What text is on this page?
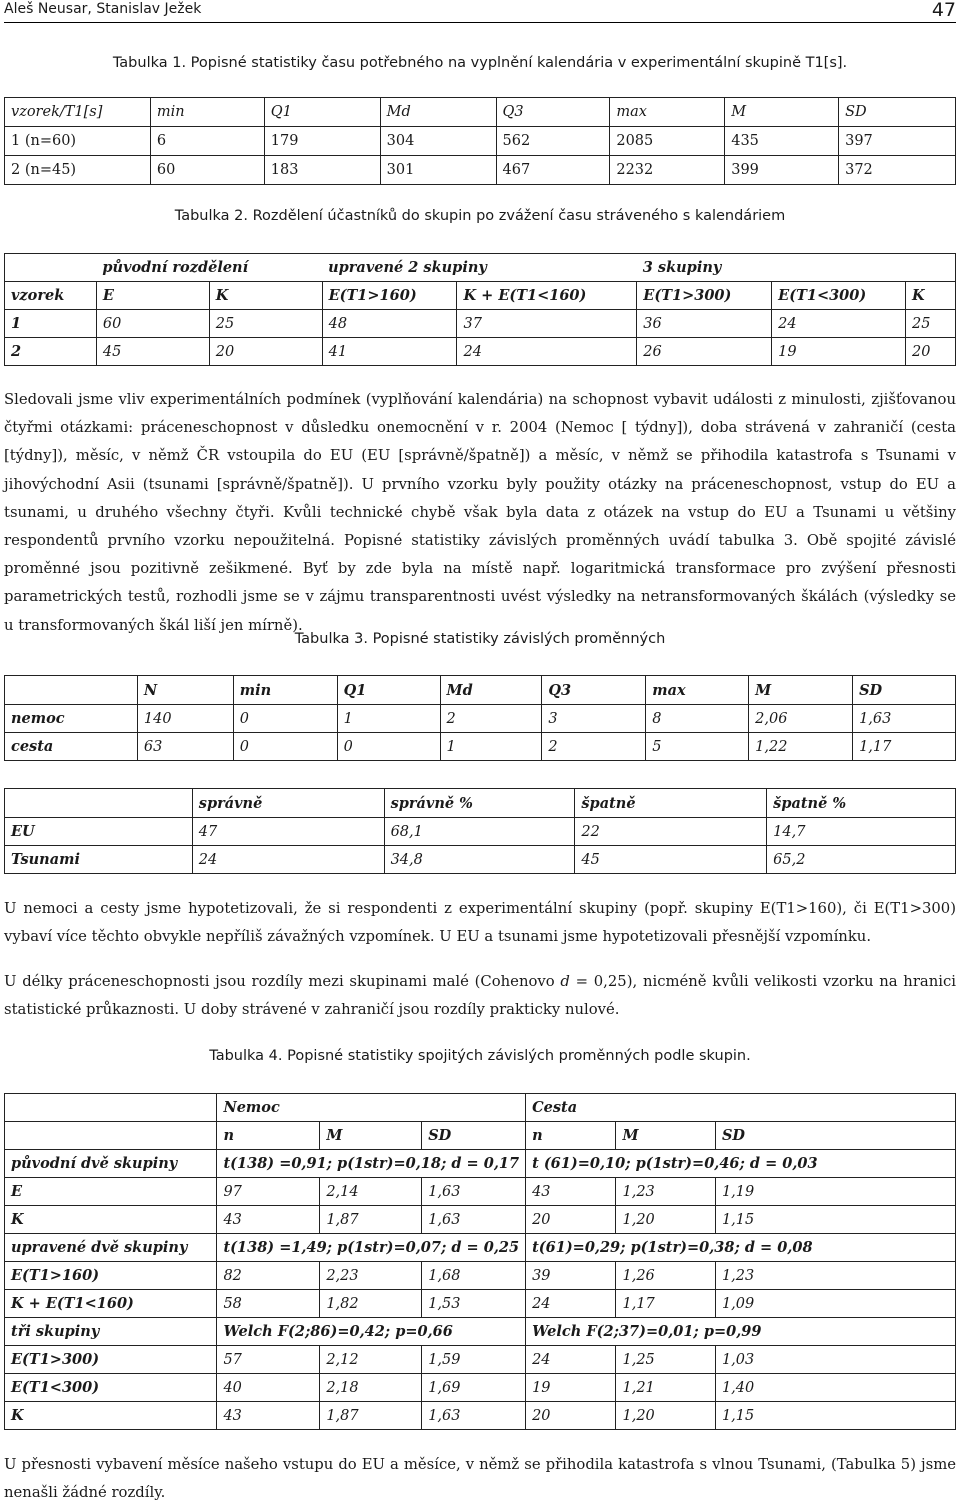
Aleš Neusar, Stanislav Ježek	47
Tabulka 1. Popisné statistiky času potřebného na vyplnění kalendária v experimentální skupině T1[s].
vzorek/T1[s]	min	Q1	Md	Q3	max	M	SD
1 (n=60)	6	179	304	562	2085	435	397
2 (n=45)	60	183	301	467	2232	399	372
Tabulka 2. Rozdělení účastníků do skupin po zvážení času stráveného s kalendáriem
	původní rozdělení		upravené 2 skupiny		3 skupiny		
vzorek	E	K	E(T1>160)	K + E(T1<160)	E(T1>300)	E(T1<300)	K
1	60	25	48	37	36	24	25
2	45	20	41	24	26	19	20
Sledovali jsme vliv experimentálních podmínek (vyplňování kalendária) na schopnost vybavit události z minulosti, zjišťovanou čtyřmi otázkami: práceneschopnost v důsledku onemocnění v r. 2004 (Nemoc [ týdny]), doba strávená v zahraničí (cesta [týdny]), měsíc, v němž ČR vstoupila do EU (EU [správně/špatně]) a měsíc, v němž se přihodila katastrofa s Tsunami v jihovýchodní Asii (tsunami [správně/špatně]). U prvního vzorku byly použity otázky na práceneschopnost, vstup do EU a tsunami, u druhého všechny čtyři. Kvůli technické chybě však byla data z otázek na vstup do EU a Tsunami u většiny respondentů prvního vzorku nepoužitelná. Popisné statistiky závislých proměnných uvádí tabulka 3. Obě spojité závislé proměnné jsou pozitivně zešikmené. Byť by zde byla na místě např. logaritmická transformace pro zvýšení přesnosti parametrických testů, rozhodli jsme se v zájmu transparentnosti uvést výsledky na netransformovaných škálách (výsledky se u transformovaných škál liší jen mírně).
Tabulka 3. Popisné statistiky závislých proměnných
	N	min	Q1	Md	Q3	max	M	SD
nemoc	140	0	1	2	3	8	2,06	1,63
cesta	63	0	0	1	2	5	1,22	1,17
	správně	správně %	špatně	špatně %
EU	47	68,1	22	14,7
Tsunami	24	34,8	45	65,2
U nemoci a cesty jsme hypotetizovali, že si respondenti z experimentální skupiny (popř. skupiny E(T1>160), či E(T1>300) vybaví více těchto obvykle nepříliš závažných vzpomínek. U EU a tsunami jsme hypotetizovali přesnější vzpomínku.
U délky práceneschopnosti jsou rozdíly mezi skupinami malé (Cohenovo d = 0,25), nicméně kvůli velikosti vzorku na hranici statistické průkaznosti. U doby strávené v zahraničí jsou rozdíly prakticky nulové.
Tabulka 4. Popisné statistiky spojitých závislých proměnných podle skupin.
	Nemoc			Cesta		
	n	M	SD	n	M	SD
původní dvě skupiny	t(138) =0,91; p(1str)=0,18; d = 0,17			t (61)=0,10; p(1str)=0,46; d = 0,03		
E	97	2,14	1,63	43	1,23	1,19
K	43	1,87	1,63	20	1,20	1,15
upravené dvě skupiny	t(138) =1,49; p(1str)=0,07; d = 0,25			t(61)=0,29; p(1str)=0,38; d = 0,08		
E(T1>160)	82	2,23	1,68	39	1,26	1,23
K + E(T1<160)	58	1,82	1,53	24	1,17	1,09
tři skupiny	Welch F(2;86)=0,42; p=0,66			Welch F(2;37)=0,01; p=0,99		
E(T1>300)	57	2,12	1,59	24	1,25	1,03
E(T1<300)	40	2,18	1,69	19	1,21	1,40
K	43	1,87	1,63	20	1,20	1,15
U přesnosti vybavení měsíce našeho vstupu do EU a měsíce, v němž se přihodila katastrofa s vlnou Tsunami, (Tabulka 5) jsme nenašli žádné rozdíly.
